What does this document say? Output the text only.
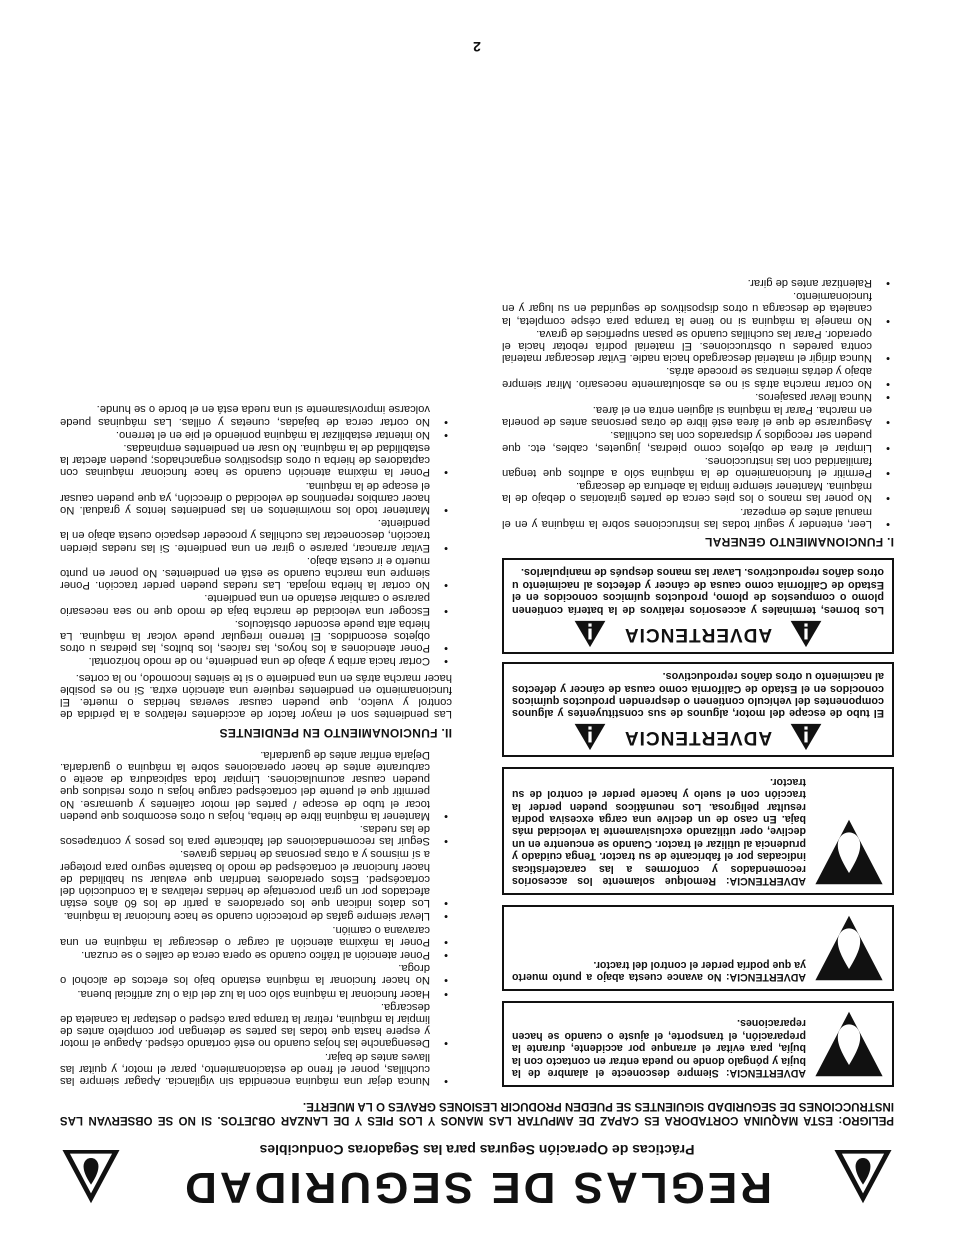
REGLAS DE SEGURIDAD
Prácticas de Operación Seguras para las Segadoras Conducibles
PELIGRO: ESTA MAQUINA CORTADORA ES CAPAZ DE AMPUTAR LAS MANOS Y LOS PIES Y DE LANZAR OBJETOS. SI NO SE OBSERVAN LAS INSTRUCCIONES DE SEGURIDAD SIGUIENTES SE PUEDEN PRODUCIR LESIONES GRAVES O LA MUERTE.
ADVERTENCIA: Siempre desconecte el alambre de la bujía y póngalo donde no pueda entrar en contacto con la bujía, para evitar el arranque por accidente, durante la preparación, el transporte, el ajuste o cuando se hacen reparaciones.
ADVERTENCIA: No avance cuesta abajo a punto muerto ya que podría perder el control del tractor.
ADVERTENCIA: Remolque solamente los accesorios recomendados y conformes a las características indicadas por el fabricante de su tractor. Tenga cuidado y prudencia al utilizar el tractor. Cuando se encuentre en un declive, oper utilizando exclusivamente la velocidad más baja. En caso de un declive una carga excesiva podría resultar peligrosa. Los neumáticos pueden perder la tracción con el suelo y hacerle perder el control de su tractor.
ADVERTENCIA
El tubo de escape del motor, algunos de sus constituyentes y algunos componentes del vehículo contienen o desprenden productos químicos conocidos en el Estado de California como causa de cáncer y defectos al nacimiento u otros daños reproductivos.
ADVERTENCIA
Los bornes, terminales y accesorios relativos de la batería contienen plomo o compuestos de plomo, productos químicos conocidos en el Estado de California como causa de cáncer y defectos al nacimiento u otros daños reproductivos. Lavar las manos después de manipularlos.
I. FUNCIONAMIENTO GENERAL
• Leer, entender y seguir todas las instrucciones sobre la máquina y en el manual antes de empezar.
• No poner las manos o los pies cerca de partes giratorias o debajo de la máquina. Mantener siempre limpia la abertura de descarga.
• Permitir el funcionamiento de la máquina sólo a adultos que tengan familiaridad con las instrucciones.
• Limpiar el área de objetos como piedras, juguetes, cables, etc. que pueden ser recogidos y disparados con las cuchillas.
• Asegurarse de que el área esté libre de otras personas antes de ponerla en marcha. Parar la máquina si alguien entra en el área.
• Nunca llevar pasajeros.
• No cortar marcha atrás si no es absolutamente necesario. Mirar siempre abajo y detrás mientras se procede atrás.
• Nunca dirigir el material descargado hacia nadie. Evitar descargar material contra paredes u obstrucciones. El material podría rebotar hacia el operador. Parar las cuchillas cuando se pasan superficies de grava.
• No maneje la máquina si no tiene la trampa para céspe completa, la canaleta de descarga u otros dispositivos de seguridad en su lugar y en funcionamiento.
• Ralentizar antes de girar.
• Nunca dejar una máquina encendida sin vigilancia. Apagar siempre las cuchillas, poner el freno de estacionamiento, parar el motor, y quitar las llaves antes de bajar.
• Desenganche las hojas cuando no esté cortando césped. Apague el motor y espere hasta que todas las partes se detengan por completo antes de limpiar la máquina, retirar la trampa para césped o destapar la canaleta de descarga.
• Hacer funcionar la máquina sólo con la luz del día o luz artificial buena.
• No hacer funcionar la máquina estando bajo los efectos de alcohol o droga.
• Poner atención al tráfico cuando se opera cerca de calles o se cruzan.
• Poner la máxima atención al cargar o descargar la máquina en una caravana o camión.
• Llevar siempre gafas de protección cuando se hace funcionar la máquina.
• Los datos indican que los operadores a partir de los 60 años están afectados por un gran porcentaje de heridas relativas a la conducción del cortacésped. Estos operadores tendrían que evaluar su habilidad de hacer funcionar el cortacésped de modo lo bastante seguro para proteger a sí mismos y a otras personas de heridas graves.
• Seguir las recomendaciones del fabricante para los pesos y contrapesos de las ruedas.
• Mantener la máquina libre de hierba, hojas u otros escombros que pueden tocar el tubo de escape / partes del motor calientes y quemarse. No permitir que el puente del cortacésped cargue hojas u otros residuos que pueden causar acumulaciones. Limpiar toda salpicadura de aceite o carburante antes de hacer operaciones sobre la máquina o guardarla. Dejarla enfriar antes de guardarla.
II. FUNCIONAMIENTO EN PENDIENTES

Las pendientes son el mayor factor de accidentes relativos a la pérdida de control y vuelco, que pueden causar severas heridas o muerte. El funcionamiento en pendientes requiere una atención extra. Si no es posible hacer marcha atrás en una pendiente o si te sientes incomodo, no la cortes.

• Cortar hacia arriba y abajo de una pendiente, no de modo horizontal.
• Poner atenciones a los hoyos, las raíces, los bultos, las piedras u otros objetos escondidos. El terreno irregular puede volcar la máquina. La hierba alta puede esconder obstáculos.
• Escoger una velocidad de marcha baja de modo que no sea necesario pararse o cambiar estando en una pendiente.
• No cortar la hierba mojada. Las ruedas pueden perder tracción. Poner siempre una marcha cuando se está en pendientes. No poner en punto muerto e ir cuesta abajo.
• Evitar arrancar, pararse o girar en una pendiente. Si las ruedas pierden tracción, desconectar las cuchillas y proceder despacio cuesta abajo en la pendiente.
• Mantener todo los movimientos en las pendientes lentos y gradual. No hacer cambios repentinos de velocidad o dirección, ya que pueden causar el escape de la máquina.
• Poner la máxima atención cuando se hace funcionar máquinas con captadores de hierba u otros dispositivos enganchados; pueden afectar la estabilidad de la máquina. No usar en pendientes empinadas.
• No intentar estabilizar la máquina poniendo el pie en el terreno.
• No cortar cerca de bajadas, cunetas y orillas. Las máquinas puede volcarse improvisamente si una rueda está en el borde o se hunde.
2
